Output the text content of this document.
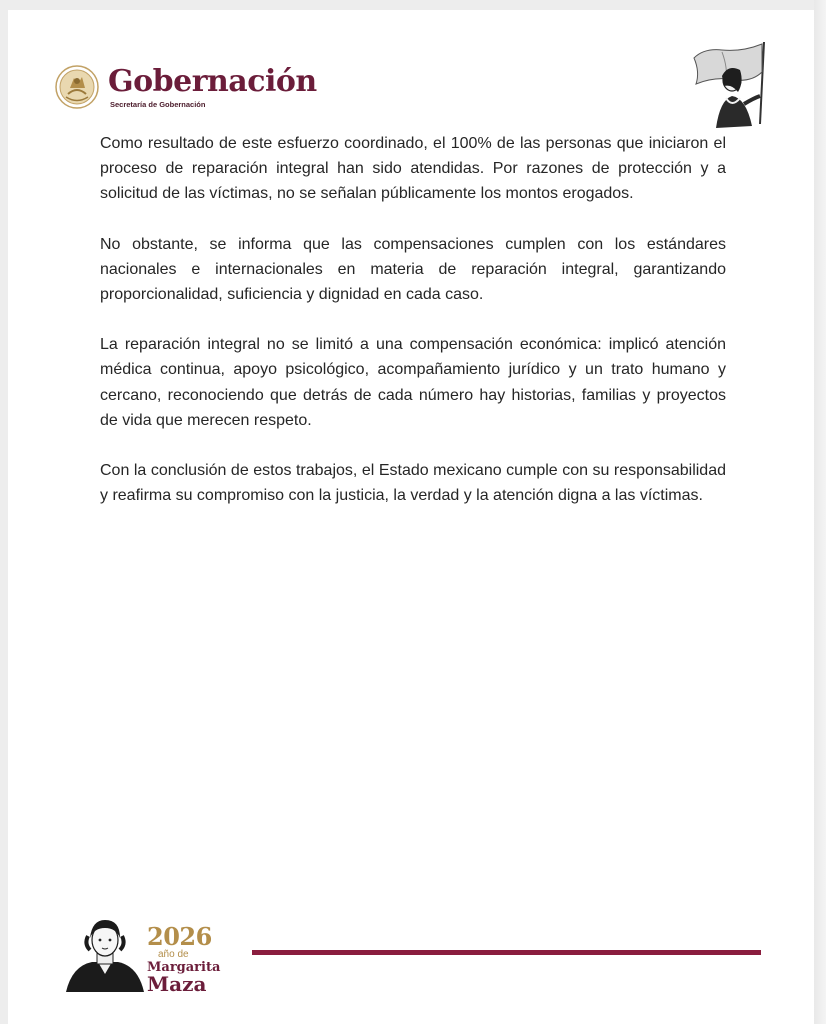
Gobernación
Secretaría de Gobernación

Como resultado de este esfuerzo coordinado, el 100% de las personas que iniciaron el proceso de reparación integral han sido atendidas. Por razones de protección y a solicitud de las víctimas, no se señalan públicamente los montos erogados.

No obstante, se informa que las compensaciones cumplen con los estándares nacionales e internacionales en materia de reparación integral, garantizando proporcionalidad, suficiencia y dignidad en cada caso.

La reparación integral no se limitó a una compensación económica: implicó atención médica continua, apoyo psicológico, acompañamiento jurídico y un trato humano y cercano, reconociendo que detrás de cada número hay historias, familias y proyectos de vida que merecen respeto.

Con la conclusión de estos trabajos, el Estado mexicano cumple con su responsabilidad y reafirma su compromiso con la justicia, la verdad y la atención digna a las víctimas.

2026
año de
Margarita
Maza
